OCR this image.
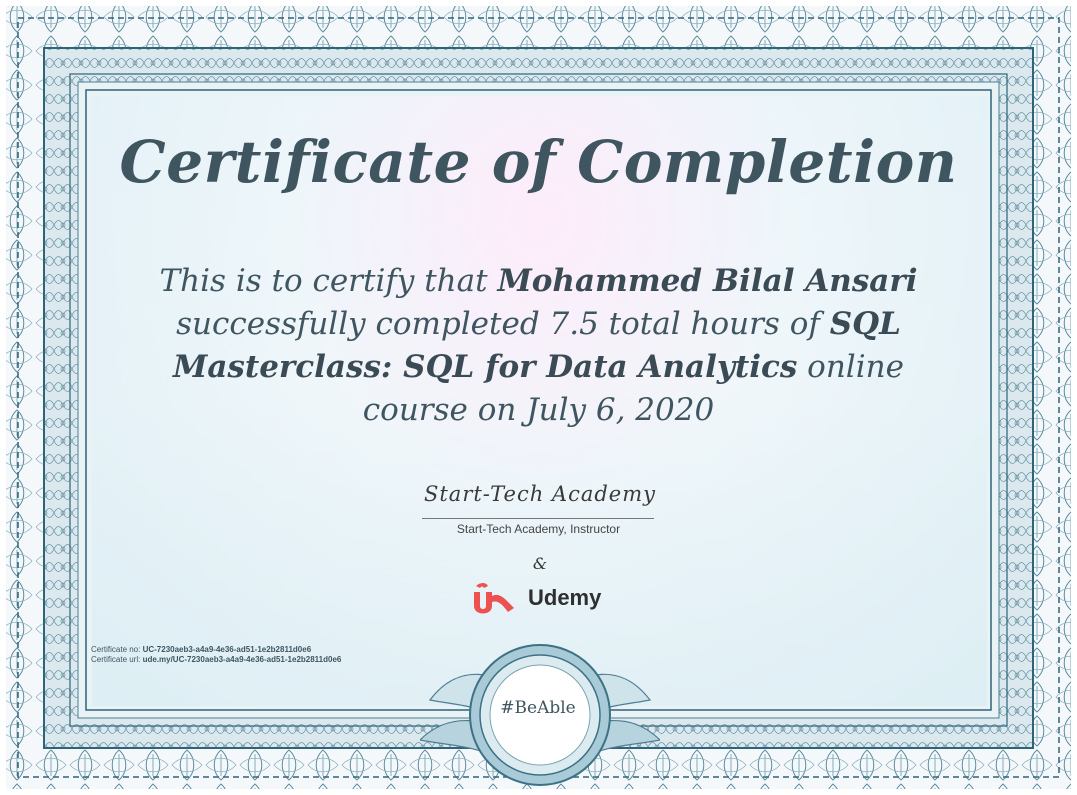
Certificate of Completion
This is to certify that Mohammed Bilal Ansari successfully completed 7.5 total hours of SQL Masterclass: SQL for Data Analytics online course on July 6, 2020
Start-Tech Academy
Start-Tech Academy, Instructor
&
Udemy
Certificate no: UC-7230aeb3-a4a9-4e36-ad51-1e2b2811d0e6
Certificate url: ude.my/UC-7230aeb3-a4a9-4e36-ad51-1e2b2811d0e6
#BeAble
